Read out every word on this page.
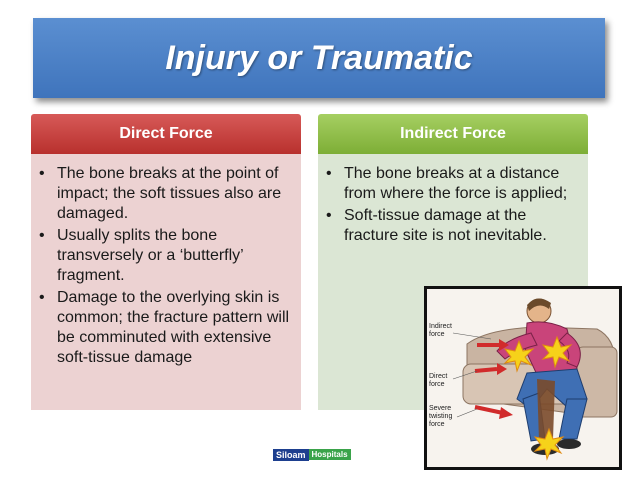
Injury or Traumatic
Direct Force
• The bone breaks at the point of impact; the soft tissues also are damaged.
• Usually splits the bone transversely or a ‘butterfly’ fragment.
• Damage to the overlying skin is common; the fracture pattern will be comminuted with extensive soft-tissue damage
Indirect Force
• The bone breaks at a distance from where the force is applied;
• Soft-tissue damage at the fracture site is not inevitable.
Indirect force
Direct force
Severe twisting force
Siloam Hospitals
